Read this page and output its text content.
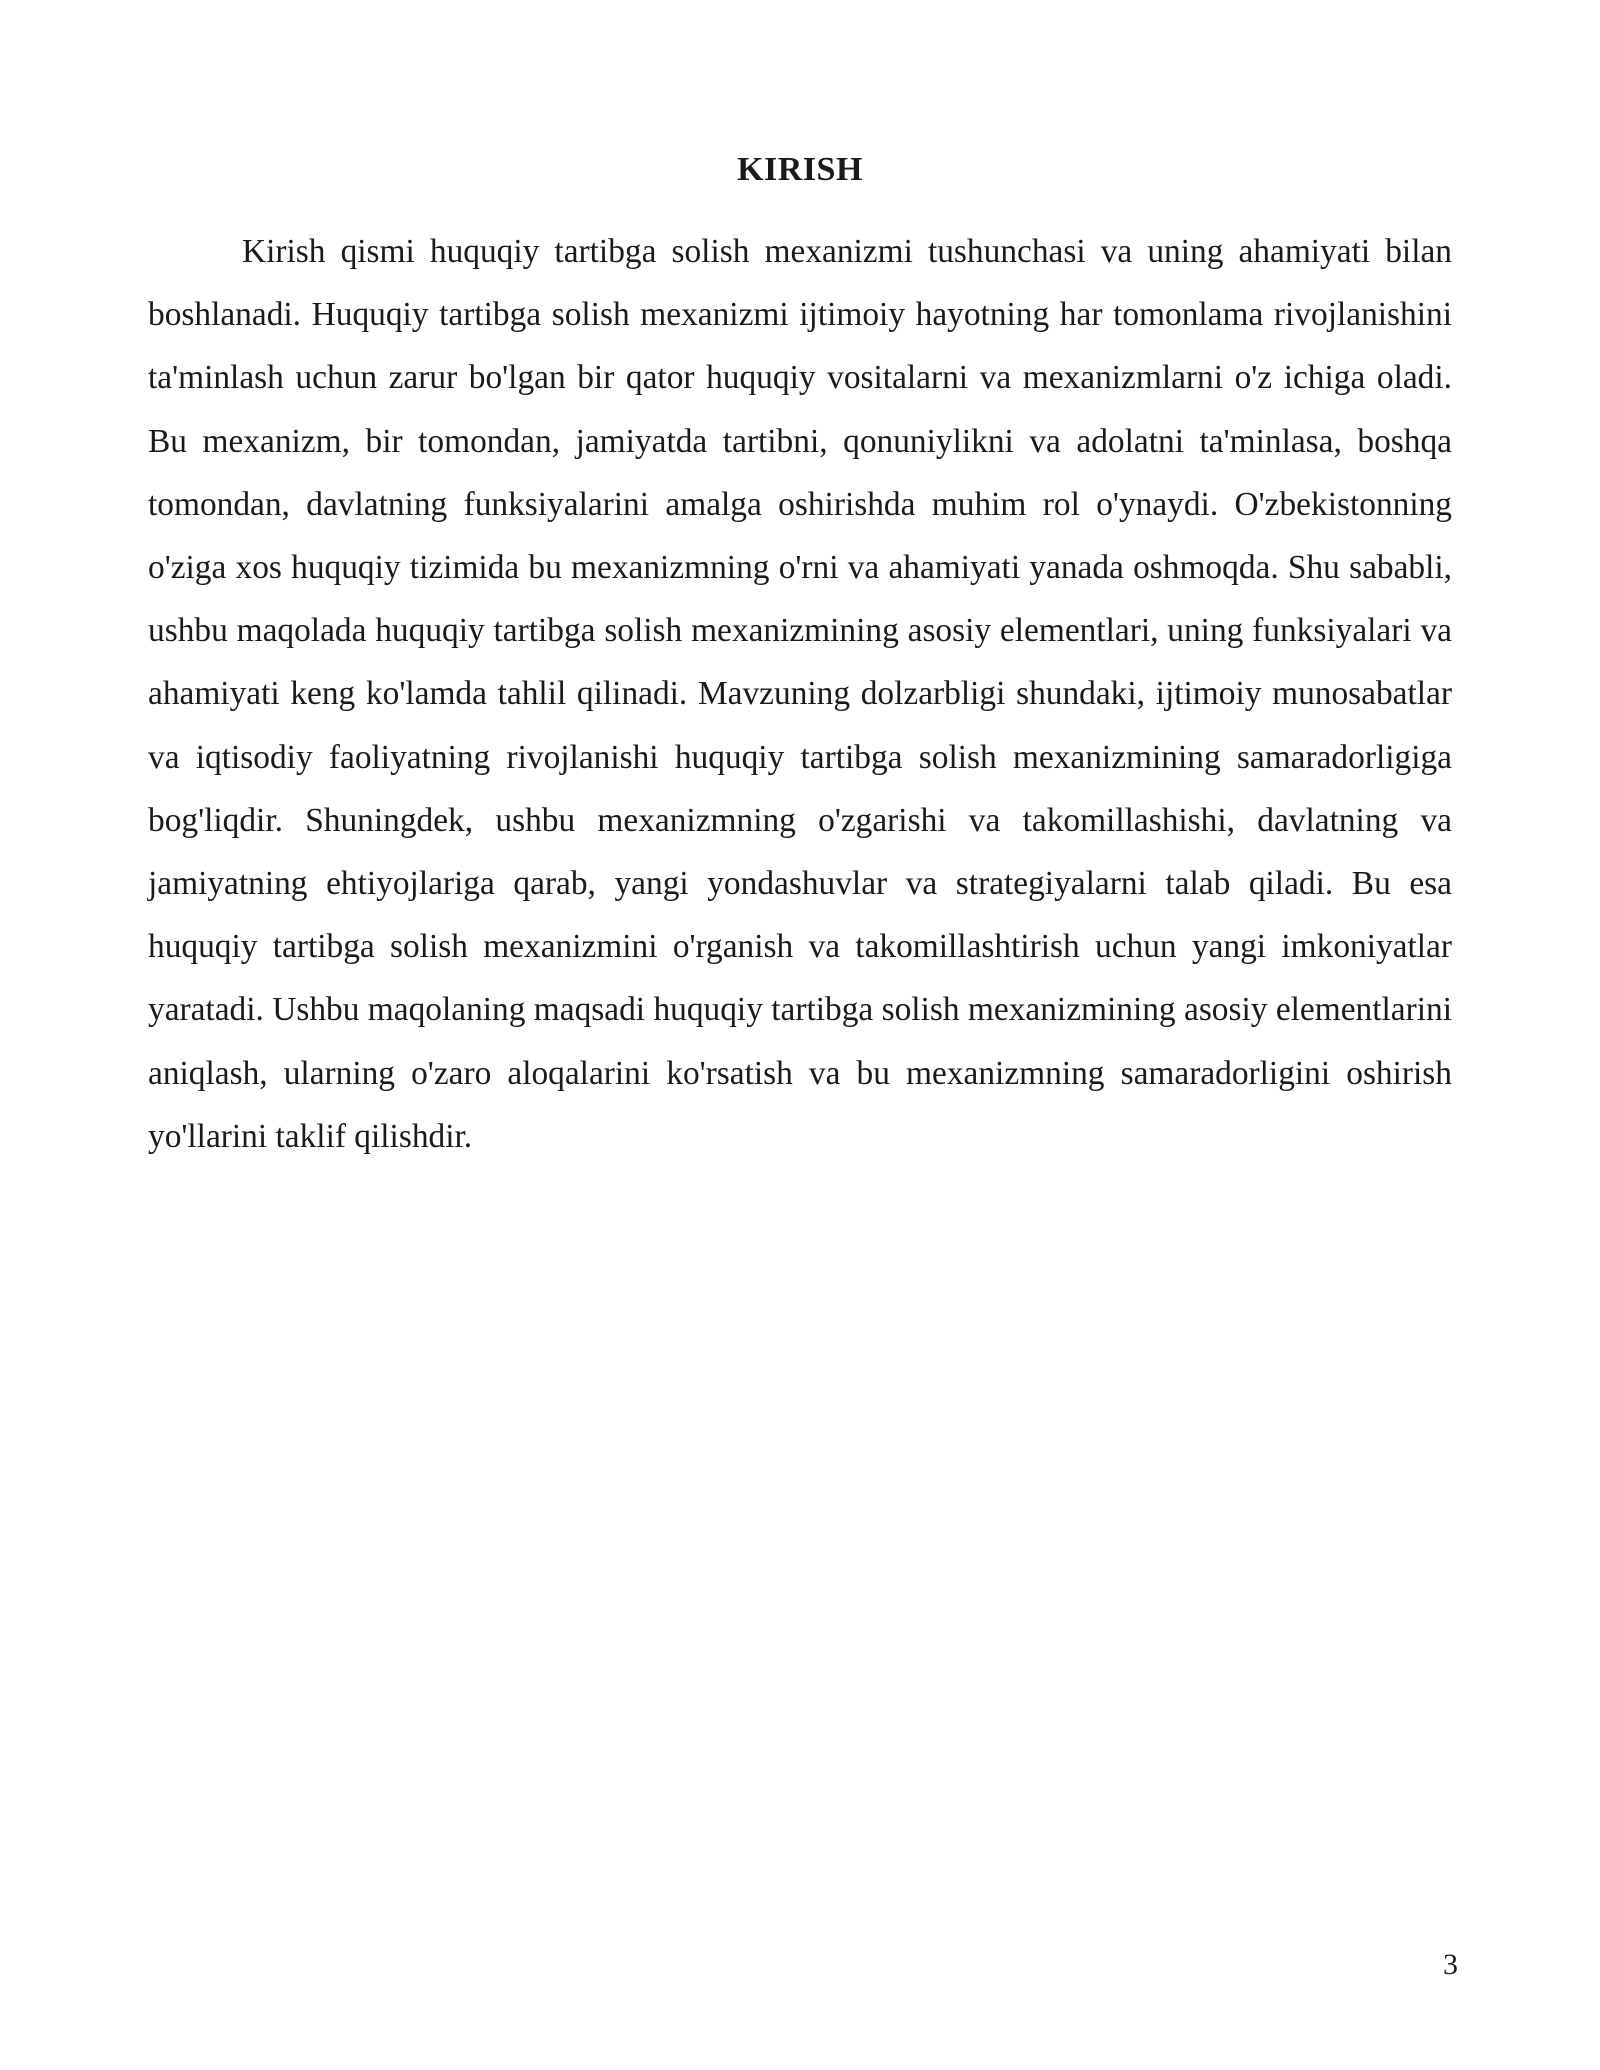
KIRISH

Kirish qismi huquqiy tartibga solish mexanizmi tushunchasi va uning ahamiyati bilan boshlanadi. Huquqiy tartibga solish mexanizmi ijtimoiy hayotning har tomonlama rivojlanishini ta'minlash uchun zarur bo'lgan bir qator huquqiy vositalarni va mexanizmlarni o'z ichiga oladi. Bu mexanizm, bir tomondan, jamiyatda tartibni, qonuniylikni va adolatni ta'minlasa, boshqa tomondan, davlatning funksiyalarini amalga oshirishda muhim rol o'ynaydi. O'zbekistonning o'ziga xos huquqiy tizimida bu mexanizmning o'rni va ahamiyati yanada oshmoqda. Shu sababli, ushbu maqolada huquqiy tartibga solish mexanizmining asosiy elementlari, uning funksiyalari va ahamiyati keng ko'lamda tahlil qilinadi. Mavzuning dolzarbligi shundaki, ijtimoiy munosabatlar va iqtisodiy faoliyatning rivojlanishi huquqiy tartibga solish mexanizmining samaradorligiga bog'liqdir. Shuningdek, ushbu mexanizmning o'zgarishi va takomillashishi, davlatning va jamiyatning ehtiyojlariga qarab, yangi yondashuvlar va strategiyalarni talab qiladi. Bu esa huquqiy tartibga solish mexanizmini o'rganish va takomillashtirish uchun yangi imkoniyatlar yaratadi. Ushbu maqolaning maqsadi huquqiy tartibga solish mexanizmining asosiy elementlarini aniqlash, ularning o'zaro aloqalarini ko'rsatish va bu mexanizmning samaradorligini oshirish yo'llarini taklif qilishdir.

3
